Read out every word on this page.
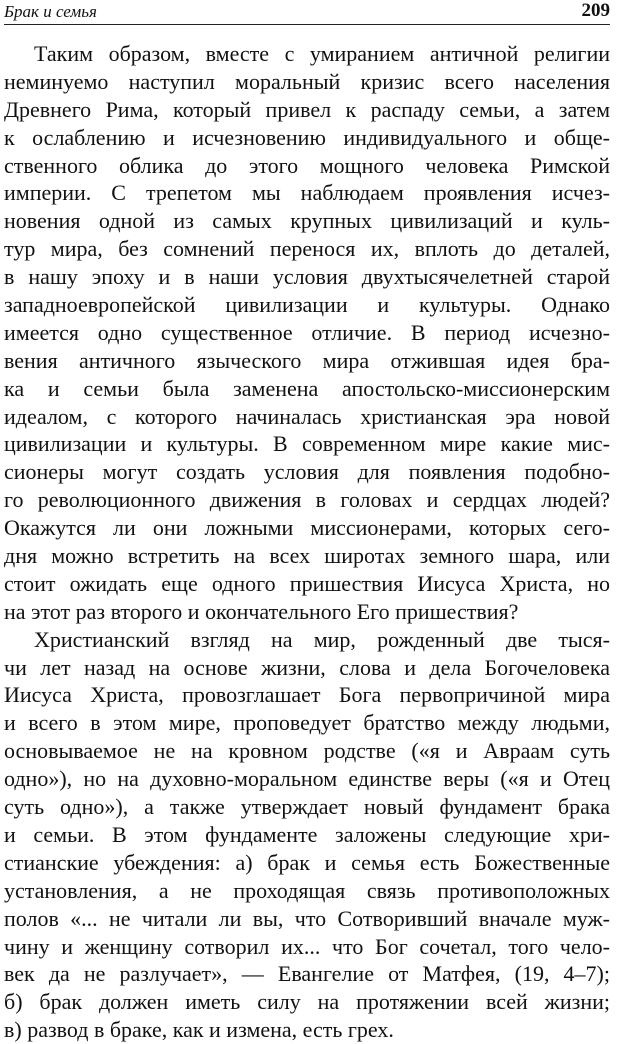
Брак и семья	209
Таким образом, вместе с умиранием античной религии
неминуемо наступил моральный кризис всего населения
Древнего Рима, который привел к распаду семьи, а затем
к ослаблению и исчезновению индивидуального и обще-
ственного облика до этого мощного человека Римской
империи. С трепетом мы наблюдаем проявления исчез-
новения одной из самых крупных цивилизаций и куль-
тур мира, без сомнений перенося их, вплоть до деталей,
в нашу эпоху и в наши условия двухтысячелетней старой
западноевропейской цивилизации и культуры. Однако
имеется одно существенное отличие. В период исчезно-
вения античного языческого мира отжившая идея бра-
ка и семьи была заменена апостольско-миссионерским
идеалом, с которого начиналась христианская эра новой
цивилизации и культуры. В современном мире какие мис-
сионеры могут создать условия для появления подобно-
го революционного движения в головах и сердцах людей?
Окажутся ли они ложными миссионерами, которых сего-
дня можно встретить на всех широтах земного шара, или
стоит ожидать еще одного пришествия Иисуса Христа, но
на этот раз второго и окончательного Его пришествия?
Христианский взгляд на мир, рожденный две тыся-
чи лет назад на основе жизни, слова и дела Богочеловека
Иисуса Христа, провозглашает Бога первопричиной мира
и всего в этом мире, проповедует братство между людьми,
основываемое не на кровном родстве («я и Авраам суть
одно»), но на духовно-моральном единстве веры («я и Отец
суть одно»), а также утверждает новый фундамент брака
и семьи. В этом фундаменте заложены следующие хри-
стианские убеждения: а) брак и семья есть Божественные
установления, а не проходящая связь противоположных
полов «... не читали ли вы, что Сотворивший вначале муж-
чину и женщину сотворил их... что Бог сочетал, того чело-
век да не разлучает», — Евангелие от Матфея, (19, 4–7);
б) брак должен иметь силу на протяжении всей жизни;
в) развод в браке, как и измена, есть грех.
